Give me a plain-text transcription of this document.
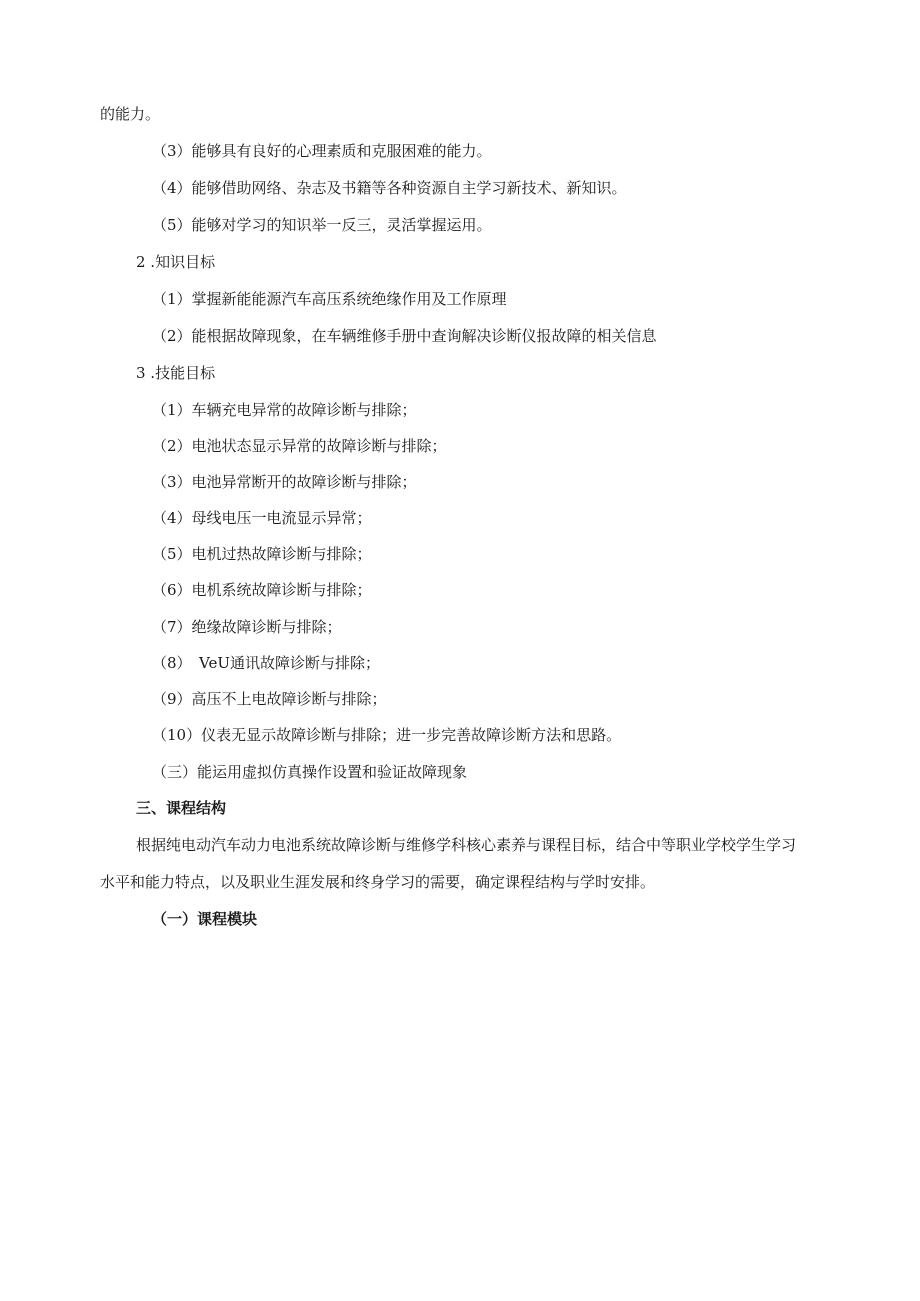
的能力。
（3）能够具有良好的心理素质和克服困难的能力。
（4）能够借助网络、杂志及书籍等各种资源自主学习新技术、新知识。
（5）能够对学习的知识举一反三，灵活掌握运用。
2 .知识目标
（1）掌握新能能源汽车高压系统绝缘作用及工作原理
（2）能根据故障现象，在车辆维修手册中查询解决诊断仪报故障的相关信息
3 .技能目标
（1）车辆充电异常的故障诊断与排除；
（2）电池状态显示异常的故障诊断与排除；
（3）电池异常断开的故障诊断与排除；
（4）母线电压一电流显示异常；
（5）电机过热故障诊断与排除；
（6）电机系统故障诊断与排除；
（7）绝缘故障诊断与排除；
（8）　VeU通讯故障诊断与排除；
（9）高压不上电故障诊断与排除；
（10）仪表无显示故障诊断与排除；进一步完善故障诊断方法和思路。
（三）能运用虚拟仿真操作设置和验证故障现象
三、课程结构
根据纯电动汽车动力电池系统故障诊断与维修学科核心素养与课程目标，结合中等职业学校学生学习
水平和能力特点，以及职业生涯发展和终身学习的需要，确定课程结构与学时安排。
（一）课程模块
